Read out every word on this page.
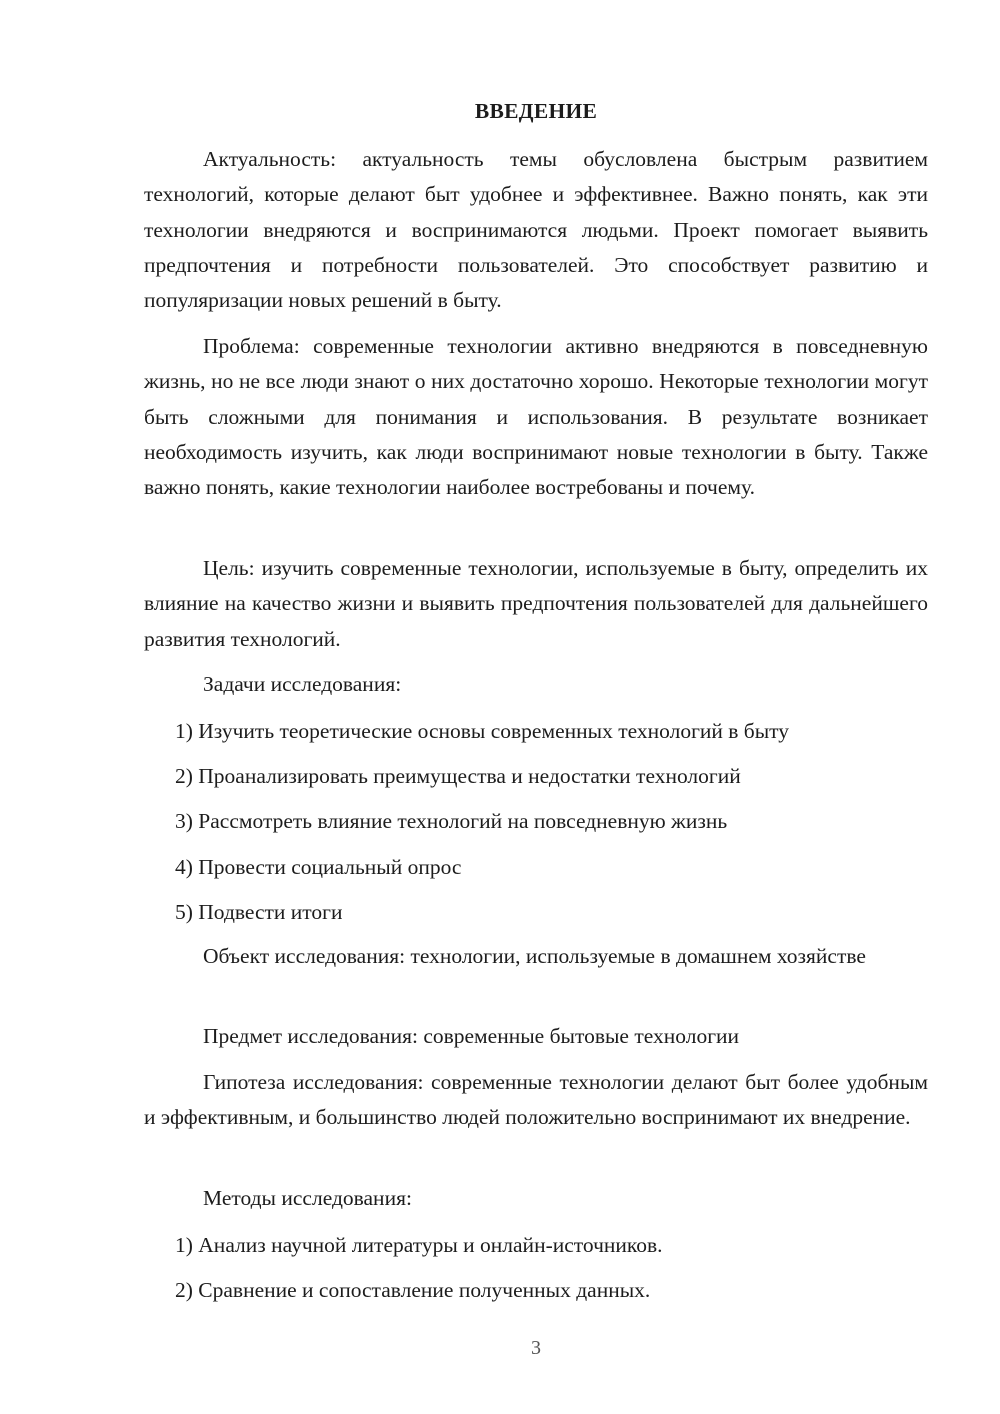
ВВЕДЕНИЕ

Актуальность: актуальность темы обусловлена быстрым развитием технологий, которые делают быт удобнее и эффективнее. Важно понять, как эти технологии внедряются и воспринимаются людьми. Проект помогает выявить предпочтения и потребности пользователей. Это способствует развитию и популяризации новых решений в быту.

Проблема: современные технологии активно внедряются в повседневную жизнь, но не все люди знают о них достаточно хорошо. Некоторые технологии могут быть сложными для понимания и использования. В результате возникает необходимость изучить, как люди воспринимают новые технологии в быту. Также важно понять, какие технологии наиболее востребованы и почему.

Цель: изучить современные технологии, используемые в быту, определить их влияние на качество жизни и выявить предпочтения пользователей для дальнейшего развития технологий.

Задачи исследования:

1) Изучить теоретические основы современных технологий в быту

2) Проанализировать преимущества и недостатки технологий

3) Рассмотреть влияние технологий на повседневную жизнь

4) Провести социальный опрос

5) Подвести итоги

Объект исследования: технологии, используемые в домашнем хозяйстве

Предмет исследования: современные бытовые технологии

Гипотеза исследования: современные технологии делают быт более удобным и эффективным, и большинство людей положительно воспринимают их внедрение.

Методы исследования:

1) Анализ научной литературы и онлайн-источников.

2) Сравнение и сопоставление полученных данных.

3
